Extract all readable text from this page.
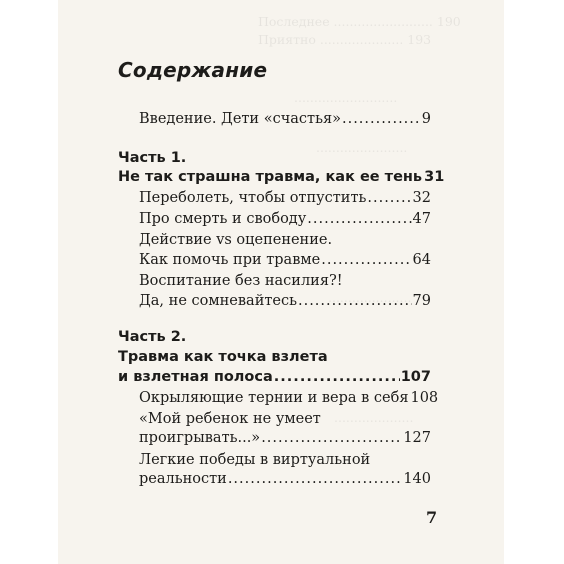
Последнее ......................... 190
Приятно ..................... 193
..........................
.......................
.....................
....................
Содержание
Введение. Дети «счастья» .....	9
Часть 1.
Не так страшна травма, как ее тень 31
Переболеть, чтобы отпустить .....	32
Про смерть и свободу .....	47
Действие vs оцепенение.
Как помочь при травме .....	64
Воспитание без насилия?!
Да, не сомневайтесь .....	79
Часть 2.
Травма как точка взлета
и взлетная полоса .....	107
Окрыляющие тернии и вера в себя 108
«Мой ребенок не умеет
проигрывать...» .....	127
Легкие победы в виртуальной
реальности .....	140
7
